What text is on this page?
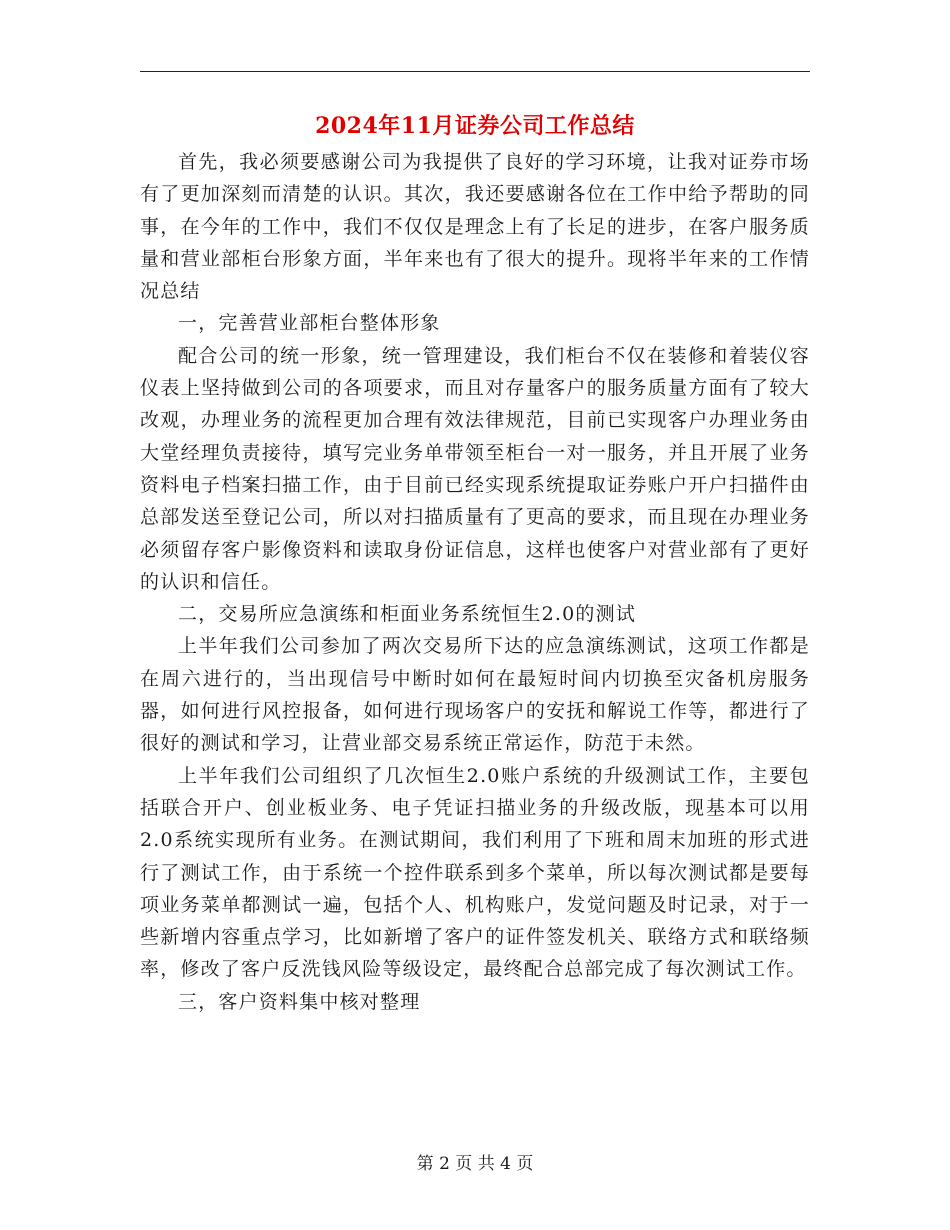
2024年11月证券公司工作总结

首先，我必须要感谢公司为我提供了良好的学习环境，让我对证券市场有了更加深刻而清楚的认识。其次，我还要感谢各位在工作中给予帮助的同事，在今年的工作中，我们不仅仅是理念上有了长足的进步，在客户服务质量和营业部柜台形象方面，半年来也有了很大的提升。现将半年来的工作情况总结

一，完善营业部柜台整体形象

配合公司的统一形象，统一管理建设，我们柜台不仅在装修和着装仪容仪表上坚持做到公司的各项要求，而且对存量客户的服务质量方面有了较大改观，办理业务的流程更加合理有效法律规范，目前已实现客户办理业务由大堂经理负责接待，填写完业务单带领至柜台一对一服务，并且开展了业务资料电子档案扫描工作，由于目前已经实现系统提取证券账户开户扫描件由总部发送至登记公司，所以对扫描质量有了更高的要求，而且现在办理业务必须留存客户影像资料和读取身份证信息，这样也使客户对营业部有了更好的认识和信任。

二，交易所应急演练和柜面业务系统恒生2.0的测试

上半年我们公司参加了两次交易所下达的应急演练测试，这项工作都是在周六进行的，当出现信号中断时如何在最短时间内切换至灾备机房服务器，如何进行风控报备，如何进行现场客户的安抚和解说工作等，都进行了很好的测试和学习，让营业部交易系统正常运作，防范于未然。

上半年我们公司组织了几次恒生2.0账户系统的升级测试工作，主要包括联合开户、创业板业务、电子凭证扫描业务的升级改版，现基本可以用2.0系统实现所有业务。在测试期间，我们利用了下班和周末加班的形式进行了测试工作，由于系统一个控件联系到多个菜单，所以每次测试都是要每项业务菜单都测试一遍，包括个人、机构账户，发觉问题及时记录，对于一些新增内容重点学习，比如新增了客户的证件签发机关、联络方式和联络频率，修改了客户反洗钱风险等级设定，最终配合总部完成了每次测试工作。

三，客户资料集中核对整理

第 2 页 共 4 页
